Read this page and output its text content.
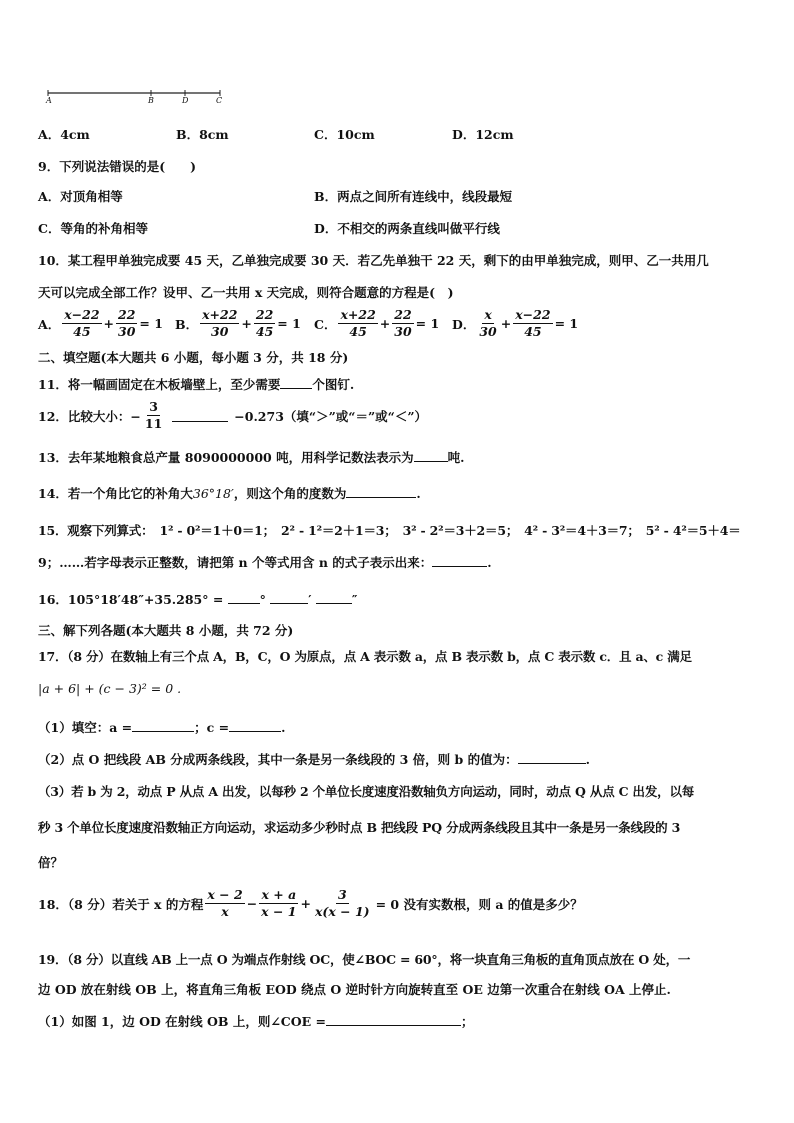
A	B	D	C
A．4cm	B．8cm	C．10cm	D．12cm
9．下列说法错误的是(　　)
A．对顶角相等	B．两点之间所有连线中，线段最短
C．等角的补角相等	D．不相交的两条直线叫做平行线
10．某工程甲单独完成要 45 天，乙单独完成要 30 天．若乙先单独干 22 天，剩下的由甲单独完成，则甲、乙一共用几
天可以完成全部工作？设甲、乙一共用 x 天完成，则符合题意的方程是(　)
A． $\frac{x-22}{45} + \frac{22}{30} = 1$ B． $\frac{x+22}{30} + \frac{22}{45} = 1$ C． $\frac{x+22}{45} + \frac{22}{30} = 1$ D． $\frac{x}{30} + \frac{x-22}{45} = 1$
二、填空题(本大题共 6 小题，每小题 3 分，共 18 分)
11．将一幅画固定在木板墙壁上，至少需要	个图钉.
12．比较大小：− $\frac{3}{11}$	−0.273（填“＞”或“＝”或“＜”）
13．去年某地粮食总产量 8090000000 吨，用科学记数法表示为	吨.
14．若一个角比它的补角大36°18′，则这个角的度数为	.
15．观察下列算式：　1² - 0²＝1＋0＝1；　2² - 1²＝2＋1＝3；　3² - 2²＝3＋2＝5；　4² - 3²＝4＋3＝7；　5² - 4²＝5＋4＝
9；……若字母表示正整数，请把第 n 个等式用含 n 的式子表示出来：	.
16．105°18′48″+35.285° =	°	′	″
三、解下列各题(本大题共 8 小题，共 72 分)
17．（8 分）在数轴上有三个点 A，B，C，O 为原点，点 A 表示数 a，点 B 表示数 b，点 C 表示数 c．且 a、c 满足
|a + 6| + (c − 3)² = 0 .
（1）填空：a =	；c =	.
（2）点 O 把线段 AB 分成两条线段，其中一条是另一条线段的 3 倍，则 b 的值为：	.
（3）若 b 为 2，动点 P 从点 A 出发，以每秒 2 个单位长度速度沿数轴负方向运动，同时，动点 Q 从点 C 出发，以每
秒 3 个单位长度速度沿数轴正方向运动，求运动多少秒时点 B 把线段 PQ 分成两条线段且其中一条是另一条线段的 3
倍？
18．（8 分）若关于 x 的方程 $\frac{x - 2}{x} - \frac{x + a}{x - 1} + \frac{3}{x(x - 1)} = 0$ 没有实数根，则 a 的值是多少？
19．（8 分）以直线 AB 上一点 O 为端点作射线 OC，使∠BOC = 60°，将一块直角三角板的直角顶点放在 O 处，一
边 OD 放在射线 OB 上，将直角三角板 EOD 绕点 O 逆时针方向旋转直至 OE 边第一次重合在射线 OA 上停止.
（1）如图 1，边 OD 在射线 OB 上，则∠COE =	；
